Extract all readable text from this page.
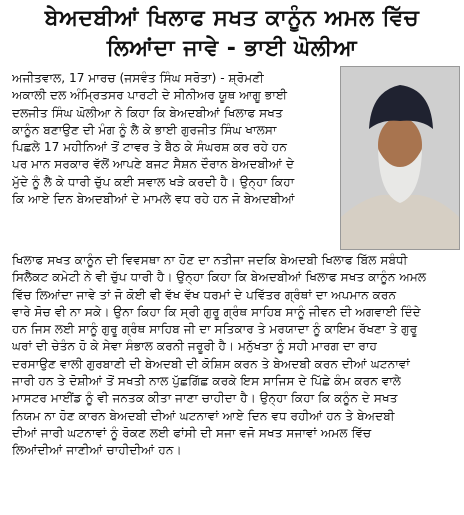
ਬੇਅਦਬੀਆਂ ਖਿਲਾਫ ਸਖਤ ਕਾਨੂੰਨ ਅਮਲ ਵਿੱਚ
ਲਿਆਂਦਾ ਜਾਵੇ - ਭਾਈ ਘੋਲੀਆ
ਅਜੀਤਵਾਲ, 17 ਮਾਰਚ (ਜਸਵੰਤ ਸਿੰਘ ਸਰੋਤਾ) - ਸ਼੍ਰੋਮਣੀ
ਅਕਾਲੀ ਦਲ ਅੰਮ੍ਰਿਤਸਰ ਪਾਰਟੀ ਦੇ ਸੀਨੀਅਰ ਯੂਥ ਆਗੂ ਭਾਈ
ਦਲਜੀਤ ਸਿੰਘ ਘੋਲੀਆ ਨੇ ਕਿਹਾ ਕਿ ਬੇਅਦਬੀਆਂ ਖਿਲਾਫ ਸਖਤ
ਕਾਨੂੰਨ ਬਣਾਉਣ ਦੀ ਮੰਗ ਨੂੰ ਲੈ ਕੇ ਭਾਈ ਗੁਰਜੀਤ ਸਿੰਘ ਖਾਲਸਾ
ਪਿਛਲੇ 17 ਮਹੀਨਿਆਂ ਤੋਂ ਟਾਵਰ ਤੇ ਬੈਠ ਕੇ ਸੰਘਰਸ਼ ਕਰ ਰਹੇ ਹਨ
ਪਰ ਮਾਨ ਸਰਕਾਰ ਵੱਲੋਂ ਆਪਣੇ ਬਜਟ ਸੈਸ਼ਨ ਦੌਰਾਨ ਬੇਅਦਬੀਆਂ ਦੇ
ਮੁੱਦੇ ਨੂੰ ਲੈ ਕੇ ਧਾਰੀ ਚੁੱਪ ਕਈ ਸਵਾਲ ਖੜੇ ਕਰਦੀ ਹੈ। ਉਨ੍ਹਾ ਕਿਹਾ
ਕਿ ਆਏ ਦਿਨ ਬੇਅਦਬੀਆਂ ਦੇ ਮਾਮਲੇ ਵਧ ਰਹੇ ਹਨ ਜੋ ਬੇਅਦਬੀਆਂ
ਖਿਲਾਫ ਸਖਤ ਕਾਨੂੰਨ ਦੀ ਵਿਵਸਥਾ ਨਾ ਹੋਣ ਦਾ ਨਤੀਜਾ ਜਦਕਿ ਬੇਅਦਬੀ ਖਿਲਾਫ ਬਿੱਲ ਸਬੰਧੀ
ਸਿਲੈਕਟ ਕਮੇਟੀ ਨੇ ਵੀ ਚੁੱਪ ਧਾਰੀ ਹੈ। ਉਨ੍ਹਾ ਕਿਹਾ ਕਿ ਬੇਅਦਬੀਆਂ ਖਿਲਾਫ ਸਖਤ ਕਾਨੂੰਨ ਅਮਲ
ਵਿੱਚ ਲਿਆਂਦਾ ਜਾਵੇ ਤਾਂ ਜੋ ਕੋਈ ਵੀ ਵੱਖ ਵੱਖ ਧਰਮਾਂ ਦੇ ਪਵਿੱਤਰ ਗ੍ਰੰਥਾਂ ਦਾ ਅਪਮਾਨ ਕਰਨ
ਵਾਰੇ ਸੋਚ ਵੀ ਨਾ ਸਕੇ। ਉਨਾ ਕਿਹਾ ਕਿ ਸ੍ਰੀ ਗੁਰੂ ਗ੍ਰੰਥ ਸਾਹਿਬ ਸਾਨੂੰ ਜੀਵਨ ਦੀ ਅਗਵਾਈ ਦਿੰਦੇ
ਹਨ ਜਿਸ ਲਈ ਸਾਨੂੰ ਗੁਰੂ ਗ੍ਰੰਥ ਸਾਹਿਬ ਜੀ ਦਾ ਸਤਿਕਾਰ ਤੇ ਮਰਯਾਦਾ ਨੂੰ ਕਾਇਮ ਰੱਖਣਾ ਤੇ ਗੁਰੂ
ਘਰਾਂ ਦੀ ਚੇਤੰਨ ਹੋ ਕੇ ਸੇਵਾ ਸੰਭਾਲ ਕਰਨੀ ਜਰੂਰੀ ਹੈ। ਮਨੁੱਖਤਾ ਨੂੰ ਸਹੀ ਮਾਰਗ ਦਾ ਰਾਹ
ਦਰਸਾਉਣ ਵਾਲੀ ਗੁਰਬਾਣੀ ਦੀ ਬੇਅਦਬੀ ਦੀ ਕੋਸ਼ਿਸ ਕਰਨ ਤੇ ਬੇਅਦਬੀ ਕਰਨ ਦੀਆਂ ਘਟਨਾਵਾਂ
ਜਾਰੀ ਹਨ ਤੇ ਦੋਸ਼ੀਆਂ ਤੋਂ ਸਖਤੀ ਨਾਲ ਪੁੱਛਗਿੱਛ ਕਰਕੇ ਇਸ ਸਾਜਿਸ ਦੇ ਪਿੱਛੇ ਕੰਮ ਕਰਨ ਵਾਲੇ
ਮਾਸਟਰ ਮਾਈਂਡ ਨੂੰ ਵੀ ਜਨਤਕ ਕੀਤਾ ਜਾਣਾ ਚਾਹੀਦਾ ਹੈ। ਉਨ੍ਹਾ ਕਿਹਾ ਕਿ ਕਨੂੰਨ ਦੇ ਸਖਤ
ਨਿਯਮ ਨਾ ਹੋਣ ਕਾਰਨ ਬੇਅਦਬੀ ਦੀਆਂ ਘਟਨਾਵਾਂ ਆਏ ਦਿਨ ਵਧ ਰਹੀਆਂ ਹਨ ਤੇ ਬੇਅਦਬੀ
ਦੀਆਂ ਜਾਰੀ ਘਟਨਾਵਾਂ ਨੂੰ ਰੋਕਣ ਲਈ ਫਾਂਸੀ ਦੀ ਸਜਾ ਵਜੋ ਸਖਤ ਸਜਾਵਾਂ ਅਮਲ ਵਿੱਚ
ਲਿਆਂਦੀਆਂ ਜਾਣੀਆਂ ਚਾਹੀਦੀਆਂ ਹਨ।
